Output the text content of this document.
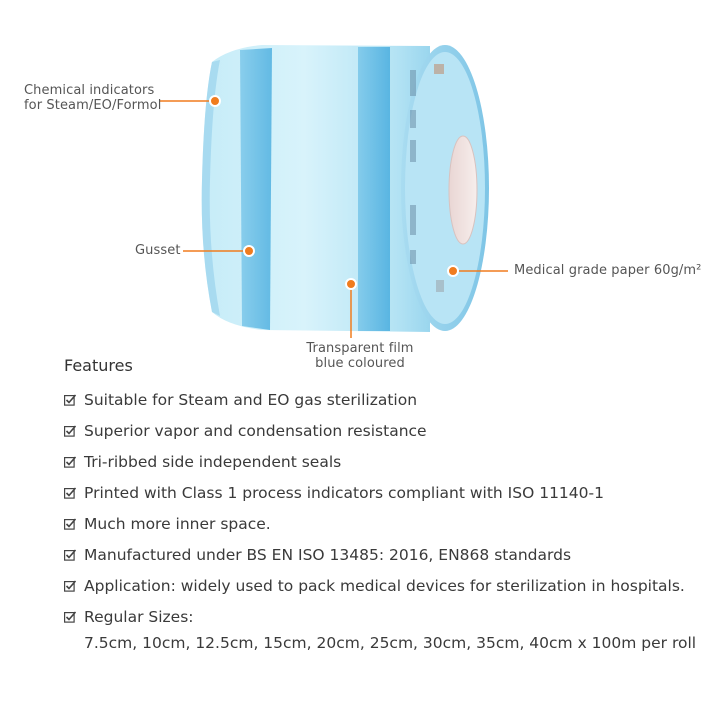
Chemical indicators
for Steam/EO/Formol
Gusset
Medical grade paper 60g/m²
Transparent film
blue coloured
Features
Suitable for Steam and EO gas sterilization
Superior vapor and condensation resistance
Tri-ribbed side independent seals
Printed with Class 1 process indicators compliant with ISO 11140-1
Much more inner space.
Manufactured under BS EN ISO 13485: 2016, EN868 standards
Application: widely used to pack medical devices for sterilization in hospitals.
Regular Sizes:
7.5cm, 10cm, 12.5cm, 15cm, 20cm, 25cm, 30cm, 35cm, 40cm x 100m per roll
